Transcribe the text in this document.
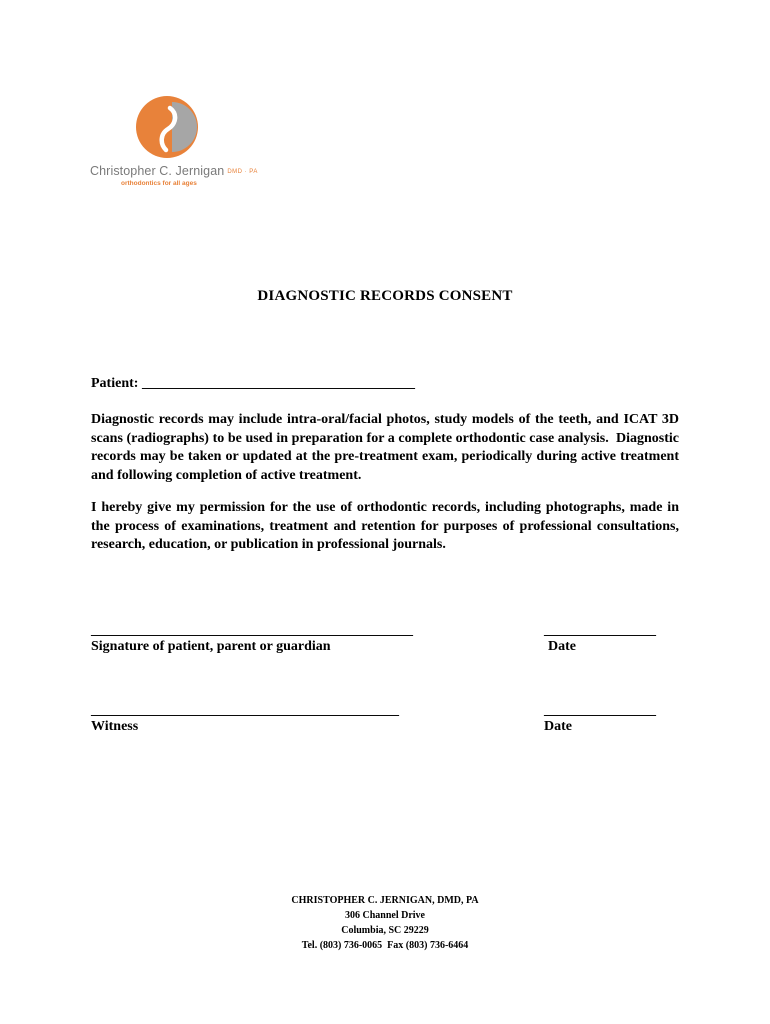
Christopher C. Jernigan DMD · PA
orthodontics for all ages
DIAGNOSTIC RECORDS CONSENT
Patient: _______________________________________

Diagnostic records may include intra-oral/facial photos, study models of the teeth, and ICAT 3D scans (radiographs) to be used in preparation for a complete orthodontic case analysis.  Diagnostic records may be taken or updated at the pre-treatment exam, periodically during active treatment and following completion of active treatment.

I hereby give my permission for the use of orthodontic records, including photographs, made in the process of examinations, treatment and retention for purposes of professional consultations, research, education, or publication in professional journals.

______________________________________________
Signature of patient, parent or guardian
________________
Date
____________________________________________
Witness
________________
Date
CHRISTOPHER C. JERNIGAN, DMD, PA
306 Channel Drive
Columbia, SC 29229
Tel. (803) 736-0065  Fax (803) 736-6464
